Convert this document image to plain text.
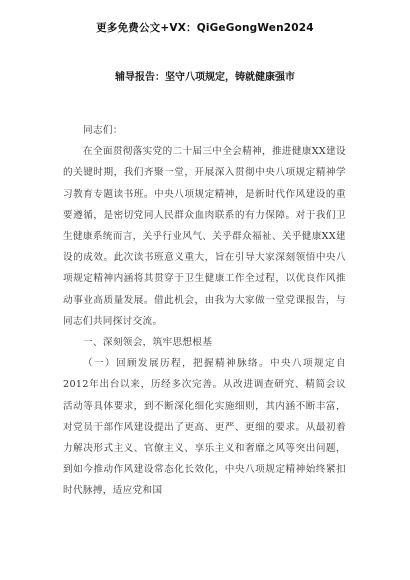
更多免费公文+VX：QiGeGongWen2024
辅导报告：坚守八项规定，铸就健康强市

同志们：

在全面贯彻落实党的二十届三中全会精神，推进健康XX建设的关键时期，我们齐聚一堂，开展深入贯彻中央八项规定精神学习教育专题读书班。中央八项规定精神，是新时代作风建设的重要遵循，是密切党同人民群众血肉联系的有力保障。对于我们卫生健康系统而言，关乎行业风气、关乎群众福祉、关乎健康XX建设的成效。此次读书班意义重大，旨在引导大家深刻领悟中央八项规定精神内涵将其贯穿于卫生健康工作全过程，以优良作风推动事业高质量发展。借此机会，由我为大家做一堂党课报告，与同志们共同探讨交流。

一、深刻领会，筑牢思想根基

（一）回顾发展历程，把握精神脉络。中央八项规定自2012年出台以来，历经多次完善。从改进调查研究、精简会议活动等具体要求，到不断深化细化实施细则，其内涵不断丰富，对党员干部作风建设提出了更高、更严、更细的要求。从最初着力解决形式主义、官僚主义、享乐主义和奢靡之风等突出问题，到如今推动作风建设常态化长效化，中央八项规定精神始终紧扣时代脉搏，适应党和国
